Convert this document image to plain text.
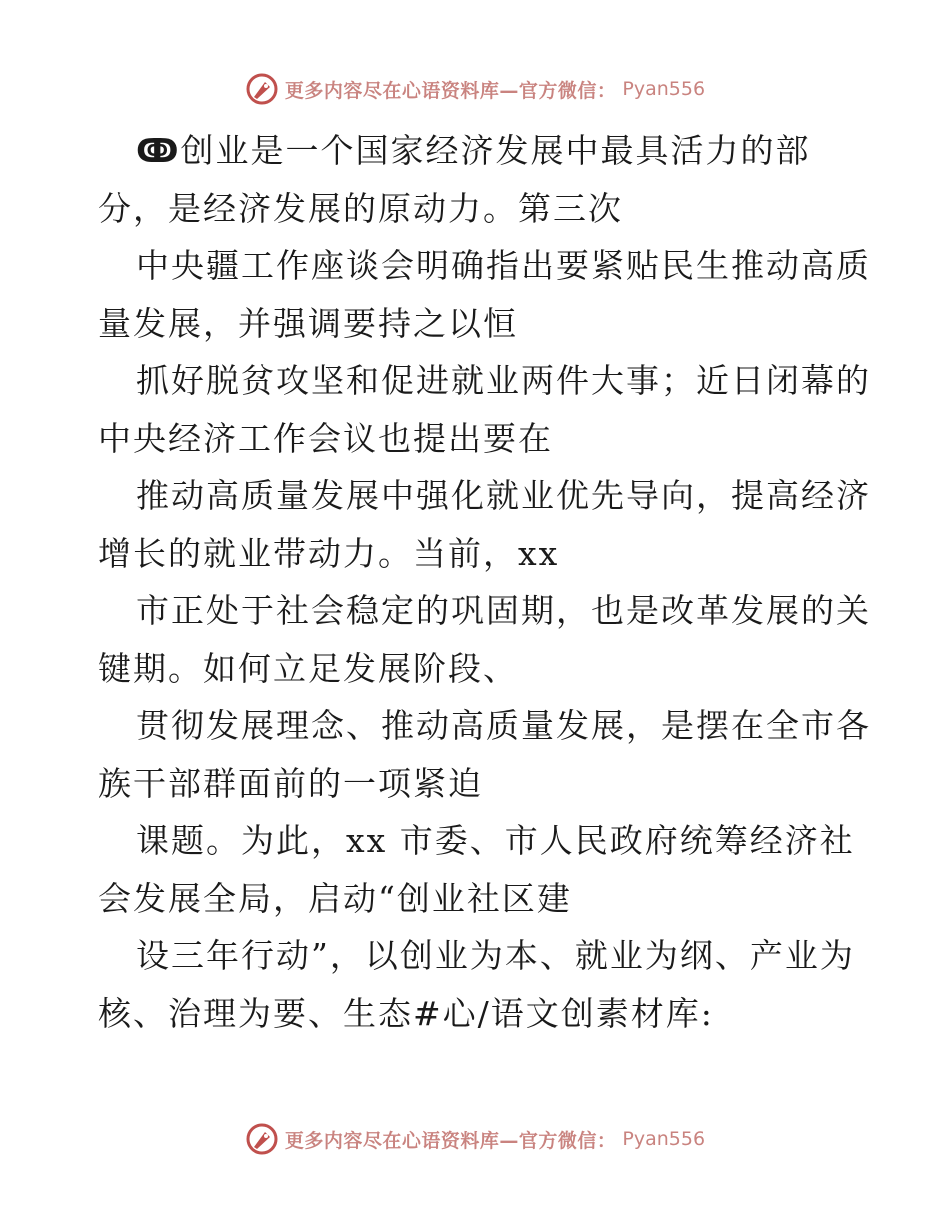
更多内容尽在心语资料库—官方微信： Pyan556
ↂ创业是一个国家经济发展中最具活力的部
分，是经济发展的原动力。第三次
中央疆工作座谈会明确指出要紧贴民生推动高质
量发展，并强调要持之以恒
抓好脱贫攻坚和促进就业两件大事；近日闭幕的
中央经济工作会议也提出要在
推动高质量发展中强化就业优先导向，提高经济
增长的就业带动力。当前，xx
市正处于社会稳定的巩固期，也是改革发展的关
键期。如何立足发展阶段、
贯彻发展理念、推动高质量发展，是摆在全市各
族干部群面前的一项紧迫
课题。为此，xx 市委、市人民政府统筹经济社
会发展全局，启动“创业社区建
设三年行动”，以创业为本、就业为纲、产业为
核、治理为要、生态#心/语文创素材库:
更多内容尽在心语资料库—官方微信： Pyan556
